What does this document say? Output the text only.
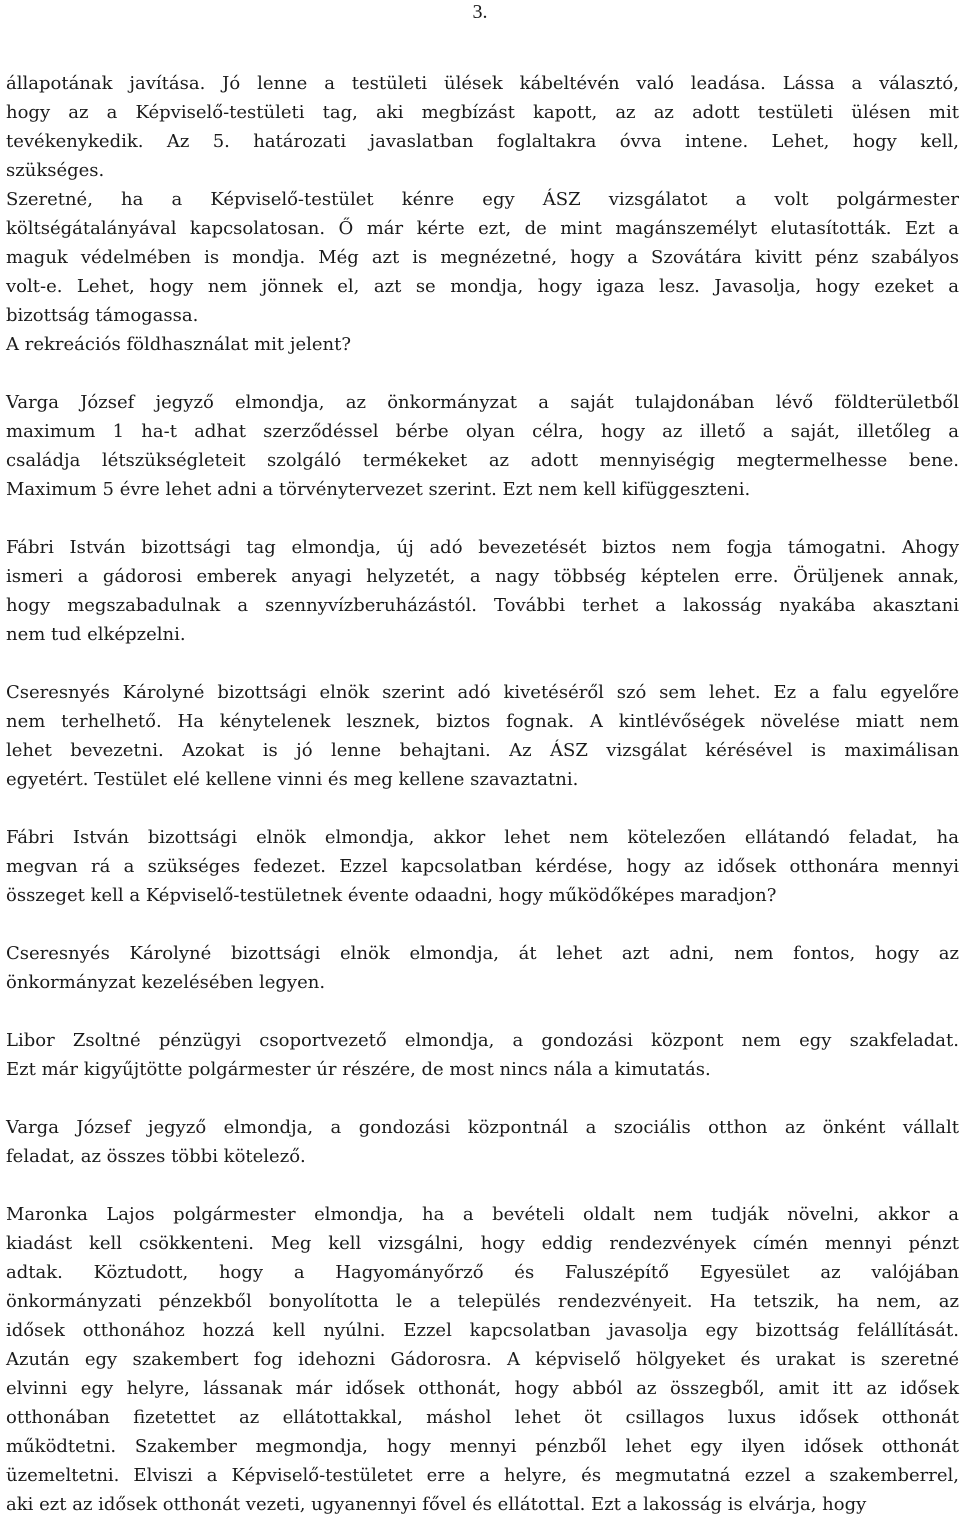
3.

állapotának javítása. Jó lenne a testületi ülések kábeltévén való leadása. Lássa a választó,
hogy az a Képviselő-testületi tag, aki megbízást kapott, az az adott testületi ülésen mit
tevékenykedik. Az 5. határozati javaslatban foglaltakra óvva intene. Lehet, hogy kell,
szükséges.

Szeretné, ha a Képviselő-testület kénre egy ÁSZ vizsgálatot a volt polgármester
költségátalányával kapcsolatosan. Ő már kérte ezt, de mint magánszemélyt elutasították. Ezt a
maguk védelmében is mondja. Még azt is megnézetné, hogy a Szovátára kivitt pénz szabályos
volt-e. Lehet, hogy nem jönnek el, azt se mondja, hogy igaza lesz. Javasolja, hogy ezeket a
bizottság támogassa.

A rekreációs földhasználat mit jelent?

Varga József jegyző elmondja, az önkormányzat a saját tulajdonában lévő földterületből
maximum 1 ha-t adhat szerződéssel bérbe olyan célra, hogy az illető a saját, illetőleg a
családja létszükségleteit szolgáló termékeket az adott mennyiségig megtermelhesse bene.
Maximum 5 évre lehet adni a törvénytervezet szerint. Ezt nem kell kifüggeszteni.

Fábri István bizottsági tag elmondja, új adó bevezetését biztos nem fogja támogatni. Ahogy
ismeri a gádorosi emberek anyagi helyzetét, a nagy többség képtelen erre. Örüljenek annak,
hogy megszabadulnak a szennyvízberuházástól. További terhet a lakosság nyakába akasztani
nem tud elképzelni.

Cseresnyés Károlyné bizottsági elnök szerint adó kivetéséről szó sem lehet. Ez a falu egyelőre
nem terhelhető. Ha kénytelenek lesznek, biztos fognak. A kintlévőségek növelése miatt nem
lehet bevezetni. Azokat is jó lenne behajtani. Az ÁSZ vizsgálat kérésével is maximálisan
egyetért. Testület elé kellene vinni és meg kellene szavaztatni.

Fábri István bizottsági elnök elmondja, akkor lehet nem kötelezően ellátandó feladat, ha
megvan rá a szükséges fedezet. Ezzel kapcsolatban kérdése, hogy az idősek otthonára mennyi
összeget kell a Képviselő-testületnek évente odaadni, hogy működőképes maradjon?

Cseresnyés Károlyné bizottsági elnök elmondja, át lehet azt adni, nem fontos, hogy az
önkormányzat kezelésében legyen.

Libor Zsoltné pénzügyi csoportvezető elmondja, a gondozási központ nem egy szakfeladat.
Ezt már kigyűjtötte polgármester úr részére, de most nincs nála a kimutatás.

Varga József jegyző elmondja, a gondozási központnál a szociális otthon az önként vállalt
feladat, az összes többi kötelező.

Maronka Lajos polgármester elmondja, ha a bevételi oldalt nem tudják növelni, akkor a
kiadást kell csökkenteni. Meg kell vizsgálni, hogy eddig rendezvények címén mennyi pénzt
adtak. Köztudott, hogy a Hagyományőrző és Faluszépítő Egyesület az valójában
önkormányzati pénzekből bonyolította le a település rendezvényeit. Ha tetszik, ha nem, az
idősek otthonához hozzá kell nyúlni. Ezzel kapcsolatban javasolja egy bizottság felállítását.
Azután egy szakembert fog idehozni Gádorosra. A képviselő hölgyeket és urakat is szeretné
elvinni egy helyre, lássanak már idősek otthonát, hogy abból az összegből, amit itt az idősek
otthonában fizetettet az ellátottakkal, máshol lehet öt csillagos luxus idősek otthonát
működtetni. Szakember megmondja, hogy mennyi pénzből lehet egy ilyen idősek otthonát
üzemeltetni. Elviszi a Képviselő-testületet erre a helyre, és megmutatná ezzel a szakemberrel,
aki ezt az idősek otthonát vezeti, ugyanennyi fővel és ellátottal. Ezt a lakosság is elvárja, hogy
